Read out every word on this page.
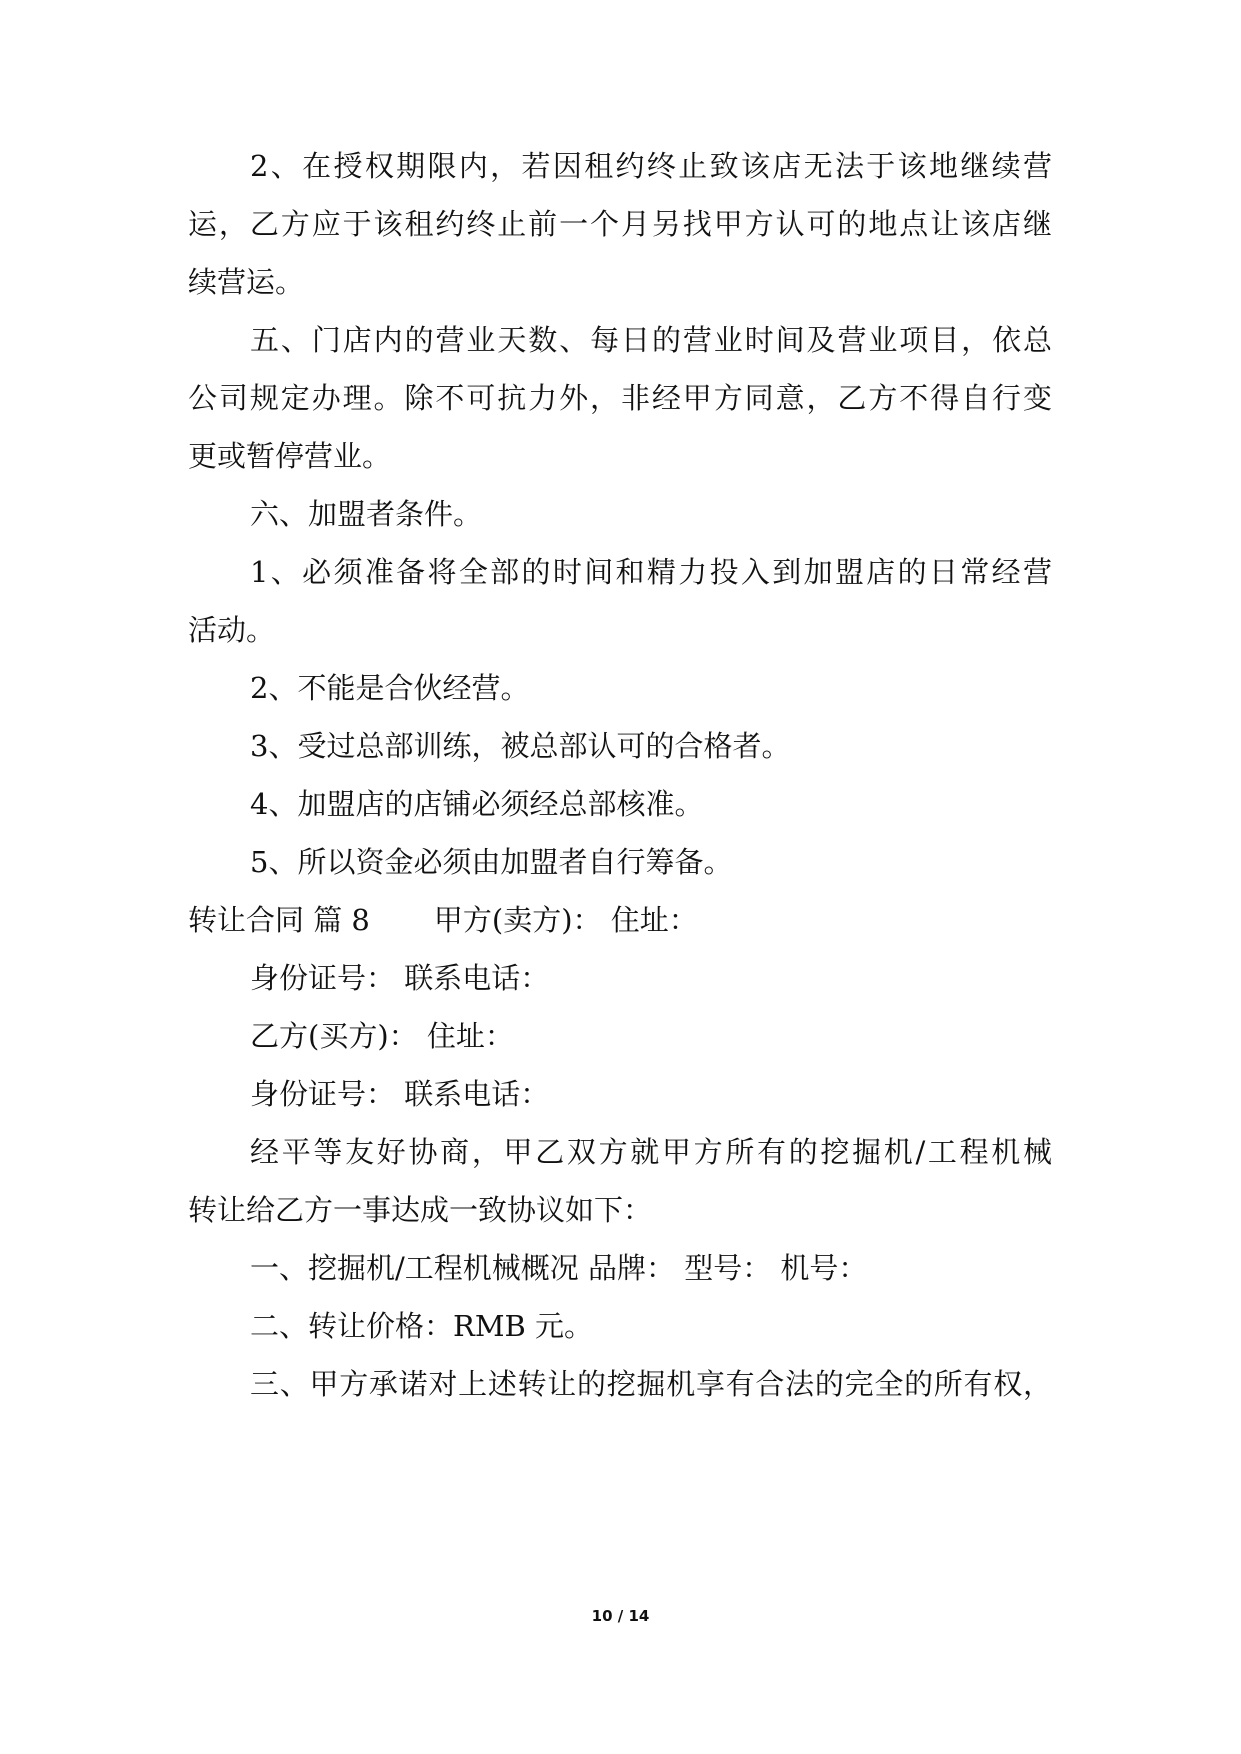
2、在授权期限内，若因租约终止致该店无法于该地继续营
运，乙方应于该租约终止前一个月另找甲方认可的地点让该店继
续营运。
五、门店内的营业天数、每日的营业时间及营业项目，依总
公司规定办理。除不可抗力外，非经甲方同意，乙方不得自行变
更或暂停营业。
六、加盟者条件。
1、必须准备将全部的时间和精力投入到加盟店的日常经营
活动。
2、不能是合伙经营。
3、受过总部训练，被总部认可的合格者。
4、加盟店的店铺必须经总部核准。
5、所以资金必须由加盟者自行筹备。
转让合同 篇 8 甲方(卖方)： 住址：
身份证号： 联系电话：
乙方(买方)： 住址：
身份证号： 联系电话：
经平等友好协商，甲乙双方就甲方所有的挖掘机/工程机械
转让给乙方一事达成一致协议如下：
一、挖掘机/工程机械概况 品牌： 型号： 机号：
二、转让价格：RMB 元。
三、甲方承诺对上述转让的挖掘机享有合法的完全的所有权，
10 / 14
